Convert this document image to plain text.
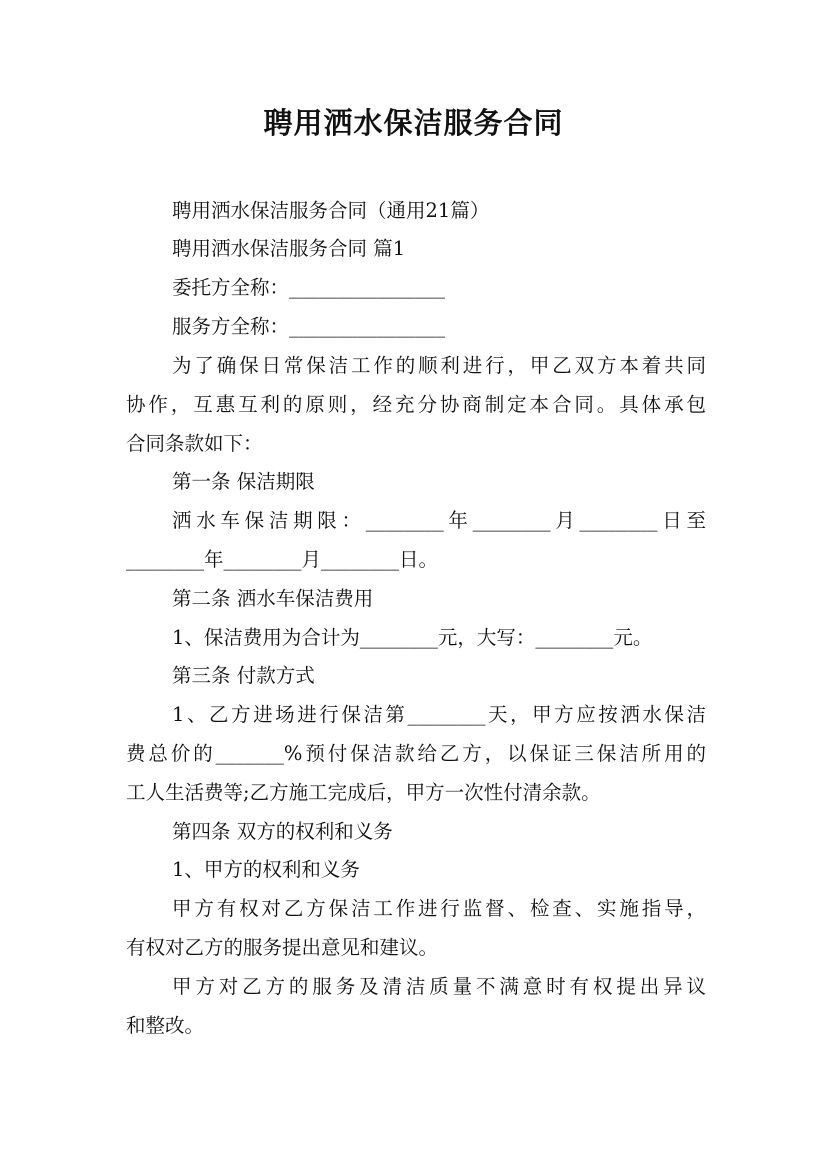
聘用洒水保洁服务合同
聘用洒水保洁服务合同（通用21篇）
聘用洒水保洁服务合同 篇1
委托方全称：________________
服务方全称：________________
为了确保日常保洁工作的顺利进行，甲乙双方本着共同
协作，互惠互利的原则，经充分协商制定本合同。具体承包
合同条款如下：
第一条 保洁期限
洒水车保洁期限：________年________月________日至
________年________月________日。
第二条 洒水车保洁费用
1、保洁费用为合计为________元，大写：________元。
第三条 付款方式
1、乙方进场进行保洁第________天，甲方应按洒水保洁
费总价的_______%预付保洁款给乙方，以保证三保洁所用的
工人生活费等;乙方施工完成后，甲方一次性付清余款。
第四条 双方的权利和义务
1、甲方的权利和义务
甲方有权对乙方保洁工作进行监督、检查、实施指导，
有权对乙方的服务提出意见和建议。
甲方对乙方的服务及清洁质量不满意时有权提出异议
和整改。
